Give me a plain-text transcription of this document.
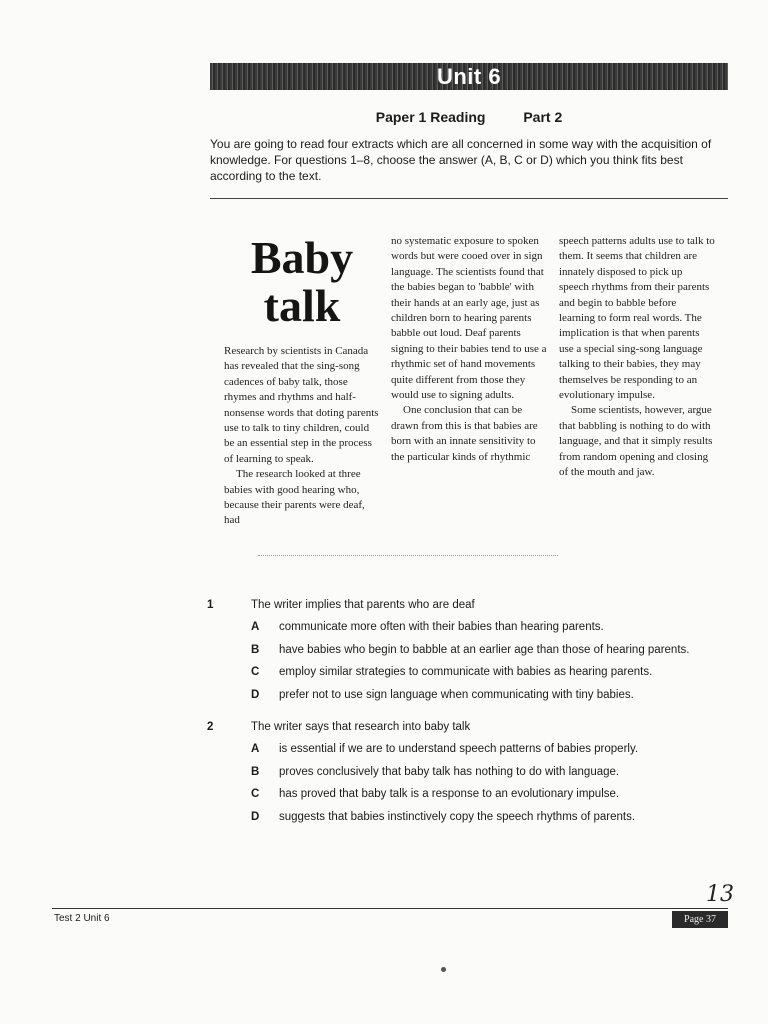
Unit 6
Paper 1 Reading	Part 2
You are going to read four extracts which are all concerned in some way with the acquisition of knowledge. For questions 1–8, choose the answer (A, B, C or D) which you think fits best according to the text.
Baby
talk

Research by scientists in Canada has revealed that the sing-song cadences of baby talk, those rhymes and rhythms and half-nonsense words that doting parents use to talk to tiny children, could be an essential step in the process of learning to speak.

The research looked at three babies with good hearing who, because their parents were deaf, had

no systematic exposure to spoken words but were cooed over in sign language. The scientists found that the babies began to 'babble' with their hands at an early age, just as children born to hearing parents babble out loud. Deaf parents signing to their babies tend to use a rhythmic set of hand movements quite different from those they would use to signing adults.

One conclusion that can be drawn from this is that babies are born with an innate sensitivity to the particular kinds of rhythmic

speech patterns adults use to talk to them. It seems that children are innately disposed to pick up speech rhythms from their parents and begin to babble before learning to form real words. The implication is that when parents use a special sing-song language talking to their babies, they may themselves be responding to an evolutionary impulse.

Some scientists, however, argue that babbling is nothing to do with language, and that it simply results from random opening and closing of the mouth and jaw.

1	The writer implies that parents who are deaf
A	communicate more often with their babies than hearing parents.
B	have babies who begin to babble at an earlier age than those of hearing parents.
C	employ similar strategies to communicate with babies as hearing parents.
D	prefer not to use sign language when communicating with tiny babies.
2	The writer says that research into baby talk
A	is essential if we are to understand speech patterns of babies properly.
B	proves conclusively that baby talk has nothing to do with language.
C	has proved that baby talk is a response to an evolutionary impulse.
D	suggests that babies instinctively copy the speech rhythms of parents.
13
Test 2 Unit 6	Page 37
